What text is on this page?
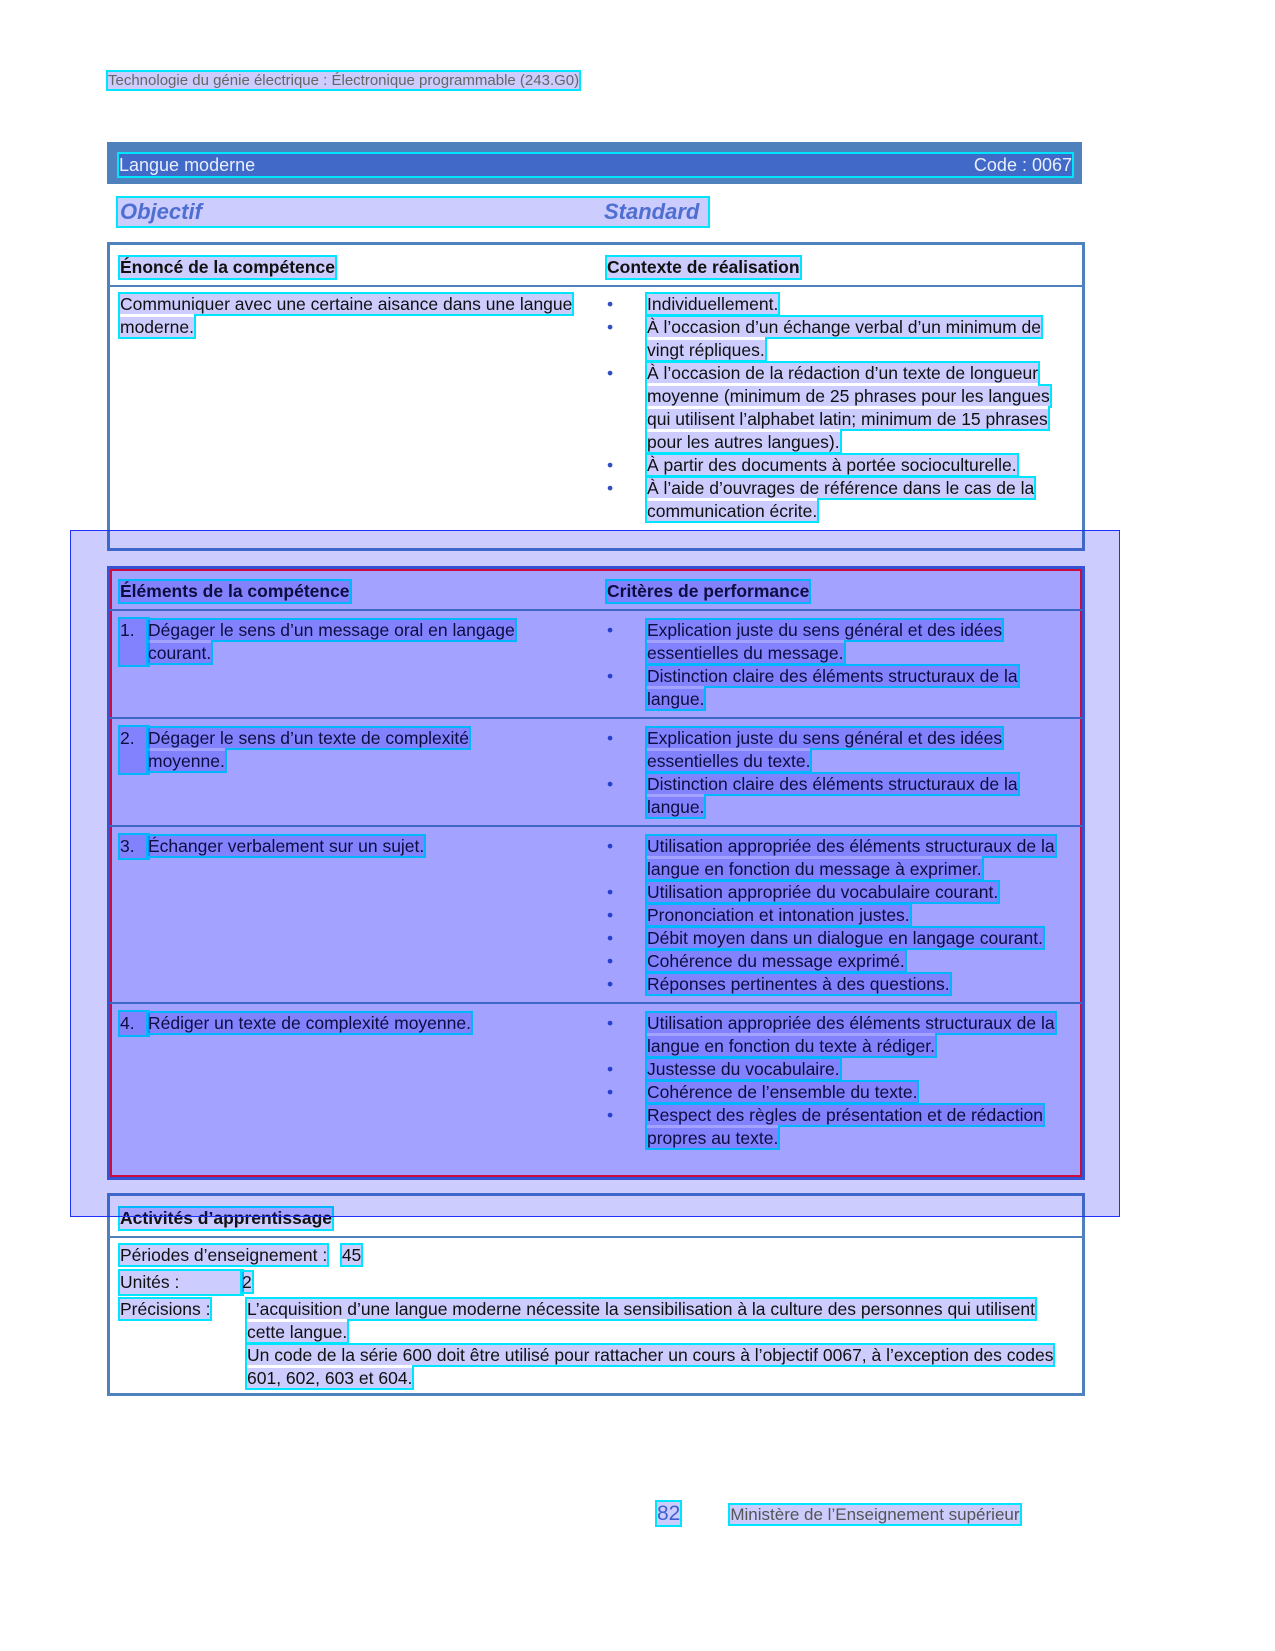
Technologie du génie électrique : Électronique programmable (243.G0)
Langue moderne	Code : 0067
Objectif	Standard
Énoncé de la compétence	Contexte de réalisation
Communiquer avec une certaine aisance dans une langue moderne.
• Individuellement.
• À l’occasion d’un échange verbal d’un minimum de vingt répliques.
• À l’occasion de la rédaction d’un texte de longueur moyenne (minimum de 25 phrases pour les langues qui utilisent l’alphabet latin; minimum de 15 phrases pour les autres langues).
• À partir des documents à portée socioculturelle.
• À l’aide d’ouvrages de référence dans le cas de la communication écrite.
Éléments de la compétence	Critères de performance
1. Dégager le sens d’un message oral en langage courant.
• Explication juste du sens général et des idées essentielles du message.
• Distinction claire des éléments structuraux de la langue.
2. Dégager le sens d’un texte de complexité moyenne.
• Explication juste du sens général et des idées essentielles du texte.
• Distinction claire des éléments structuraux de la langue.
3. Échanger verbalement sur un sujet.	• Utilisation appropriée des éléments structuraux de la langue en fonction du message à exprimer.
• Utilisation appropriée du vocabulaire courant.
• Prononciation et intonation justes.
• Débit moyen dans un dialogue en langage courant.
• Cohérence du message exprimé.
• Réponses pertinentes à des questions.
4. Rédiger un texte de complexité moyenne.	• Utilisation appropriée des éléments structuraux de la langue en fonction du texte à rédiger.
• Justesse du vocabulaire.
• Cohérence de l’ensemble du texte.
• Respect des règles de présentation et de rédaction propres au texte.
Activités d’apprentissage
Périodes d’enseignement : 45
Unités :	2
Précisions :	L’acquisition d’une langue moderne nécessite la sensibilisation à la culture des personnes qui utilisent cette langue.
Un code de la série 600 doit être utilisé pour rattacher un cours à l’objectif 0067, à l’exception des codes 601, 602, 603 et 604.
82	Ministère de l’Enseignement supérieur
